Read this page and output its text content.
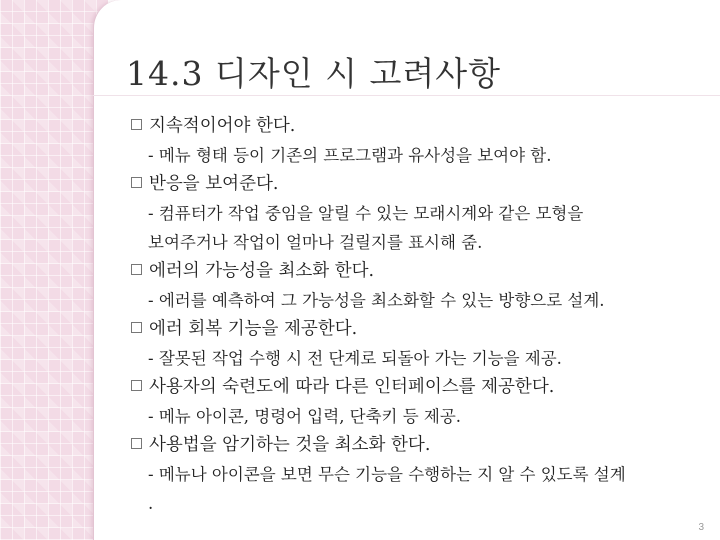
14.3 디자인 시 고려사항
지속적이어야 한다.
- 메뉴 형태 등이 기존의 프로그램과 유사성을 보여야 함.
반응을 보여준다.
- 컴퓨터가 작업 중임을 알릴 수 있는 모래시계와 같은 모형을
보여주거나 작업이 얼마나 걸릴지를 표시해 줌.
에러의 가능성을 최소화 한다.
- 에러를 예측하여 그 가능성을 최소화할 수 있는 방향으로 설계.
에러 회복 기능을 제공한다.
- 잘못된 작업 수행 시 전 단계로 되돌아 가는 기능을 제공.
사용자의 숙련도에 따라 다른 인터페이스를 제공한다.
- 메뉴 아이콘, 명령어 입력, 단축키 등 제공.
사용법을 암기하는 것을 최소화 한다.
- 메뉴나 아이콘을 보면 무슨 기능을 수행하는 지 알 수 있도록 설계
.
3
